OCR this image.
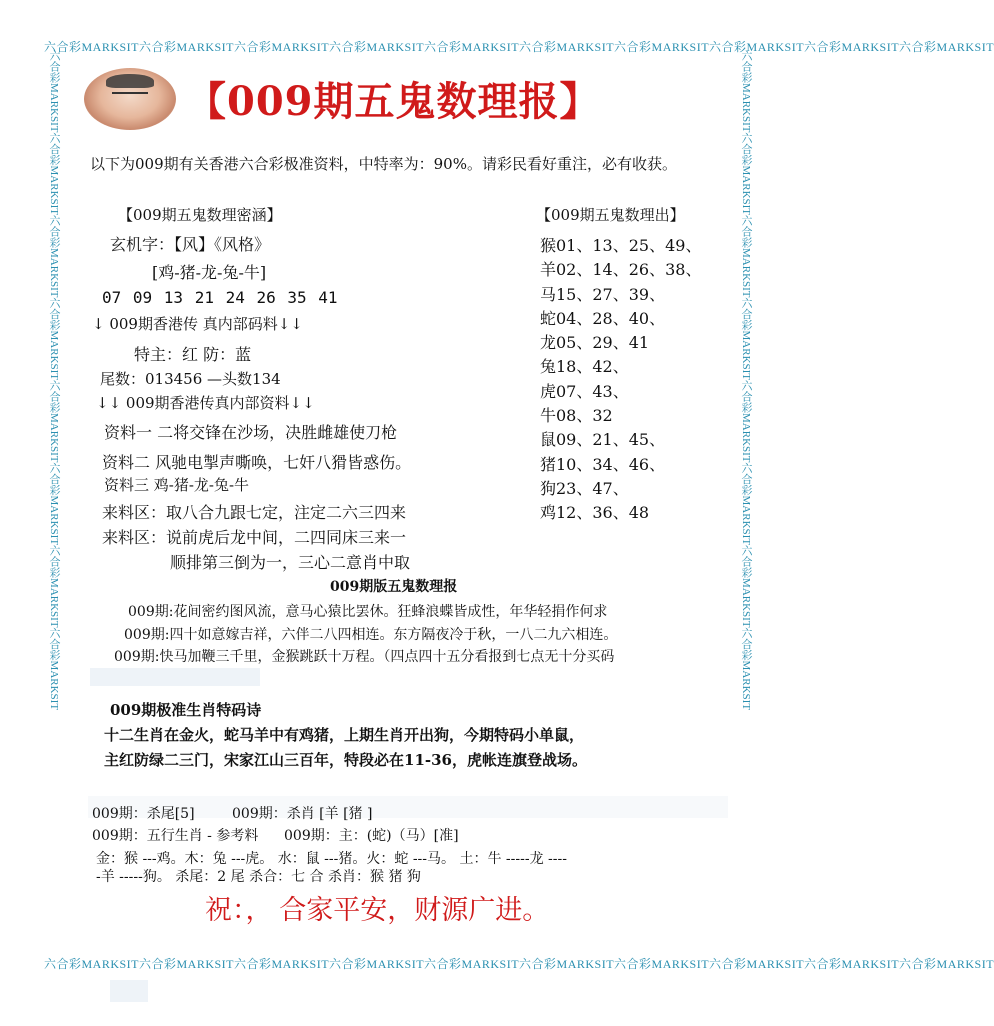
六合彩MARKSIT六合彩MARKSIT六合彩MARKSIT六合彩MARKSIT六合彩MARKSIT六合彩MARKSIT六合彩MARKSIT六合彩MARKSIT六合彩MARKSIT六合彩MARKSIT
六合彩MARKSIT六合彩MARKSIT六合彩MARKSIT六合彩MARKSIT六合彩MARKSIT六合彩MARKSIT六合彩MARKSIT六合彩MARKSIT六合彩MARKSIT六合彩MARKSIT
六合彩MARKSIT六合彩MARKSIT六合彩MARKSIT六合彩MARKSIT六合彩MARKSIT六合彩MARKSIT六合彩MARKSIT六合彩MARKSIT	六合彩MARKSIT六合彩MARKSIT六合彩MARKSIT六合彩MARKSIT六合彩MARKSIT六合彩MARKSIT六合彩MARKSIT六合彩MARKSIT
【009期五鬼数理报】
以下为009期有关香港六合彩极准资料，中特率为：90%。请彩民看好重注，必有收获。
【009期五鬼数理密涵】
玄机字：【风】《风格》
[鸡-猪-龙-兔-牛]
07 09 13 21 24 26 35 41
↓ 009期香港传 真内部码料↓↓
特主：红 防：蓝
尾数：013456 —头数134
↓↓ 009期香港传真内部资料↓↓
资料一 二将交锋在沙场，决胜雌雄使刀枪
资料二 风驰电掣声嘶唤，七奸八猾皆惑伤。
资料三 鸡-猪-龙-兔-牛
来料区：取八合九跟七定，注定二六三四来
来料区：说前虎后龙中间，二四同床三来一
顺排第三倒为一，三心二意肖中取
【009期五鬼数理出】
猴01、13、25、49、
羊02、14、26、38、
马15、27、39、
蛇04、28、40、
龙05、29、41
兔18、42、
虎07、43、
牛08、32
鼠09、21、45、
猪10、34、46、
狗23、47、
鸡12、36、48
009期版五鬼数理报
009期:花间密约图风流，意马心猿比罢休。狂蜂浪蝶皆成性，年华轻捐作何求
009期:四十如意嫁吉祥，六伴二八四相连。东方隔夜冷于秋，一八二九六相连。
009期:快马加鞭三千里，金猴跳跃十万程。（四点四十五分看报到七点无十分买码
009期极准生肖特码诗
十二生肖在金火，蛇马羊中有鸡猪，上期生肖开出狗，今期特码小单鼠，
主红防绿二三门，宋家江山三百年，特段必在11-36，虎帐连旗登战场。
009期：杀尾[5]	009期：杀肖 [羊 [猪 ]
009期：五行生肖 - 参考料 009期：主：(蛇)（马）[准]
金：猴 ---鸡。木：兔 ---虎。 水：鼠 ---猪。火：蛇 ---马。 土：牛 -----龙 ----
-羊 -----狗。 杀尾：2 尾 杀合：七 合 杀肖：猴 猪 狗
祝：， 合家平安，财源广进。
